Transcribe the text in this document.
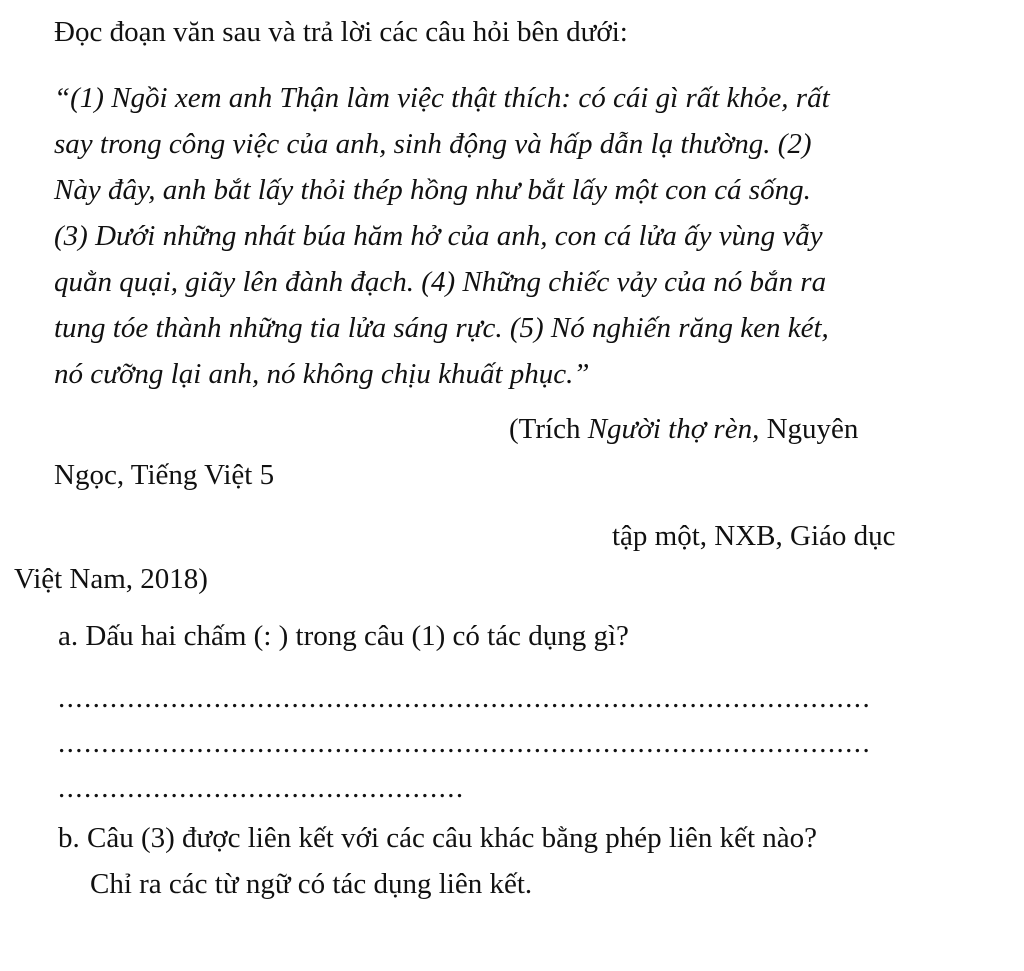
Đọc đoạn văn sau và trả lời các câu hỏi bên dưới:
“(1) Ngồi xem anh Thận làm việc thật thích: có cái gì rất khỏe, rất
say trong công việc của anh, sinh động và hấp dẫn lạ thường. (2)
Này đây, anh bắt lấy thỏi thép hồng như bắt lấy một con cá sống.
(3) Dưới những nhát búa hăm hở của anh, con cá lửa ấy vùng vẫy
quằn quại, giãy lên đành đạch. (4) Những chiếc vảy của nó bắn ra
tung tóe thành những tia lửa sáng rực. (5) Nó nghiến răng ken két,
nó cưỡng lại anh, nó không chịu khuất phục.”
(Trích Người thợ rèn, Nguyên
Ngọc, Tiếng Việt 5
tập một, NXB, Giáo dục
Việt Nam, 2018)
a. Dấu hai chấm (: ) trong câu (1) có tác dụng gì?
..............................................................................................
..............................................................................................
...............................................
b. Câu (3) được liên kết với các câu khác bằng phép liên kết nào?
Chỉ ra các từ ngữ có tác dụng liên kết.
